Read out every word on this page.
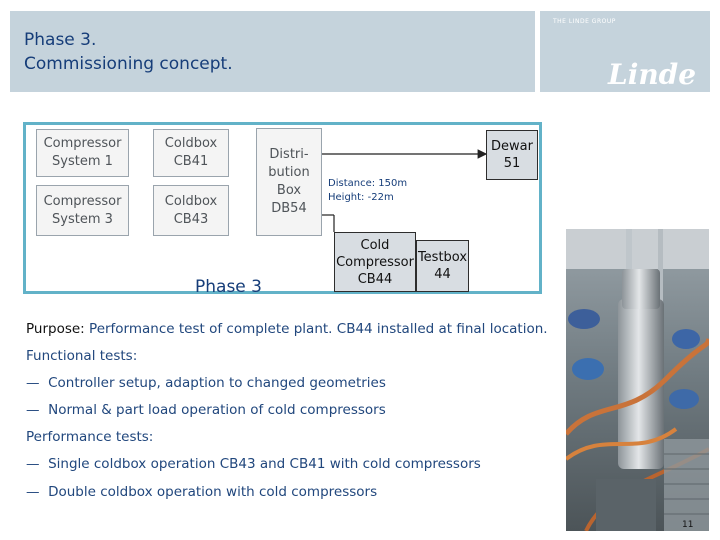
Phase 3.
Commissioning concept.
THE LINDE GROUP
Linde
Compressor
System 1
Compressor
System 3
Coldbox
CB41
Coldbox
CB43
Distri-
bution
Box
DB54
Dewar
51
Cold
Compressor
CB44
Testbox
44
Distance: 150m
Height: -22m
Phase 3
Purpose: Performance test of complete plant. CB44 installed at final location.
Functional tests:
— Controller setup, adaption to changed geometries
— Normal & part load operation of cold compressors
Performance tests:
— Single coldbox operation CB43 and CB41 with cold compressors
— Double coldbox operation with cold compressors
11
